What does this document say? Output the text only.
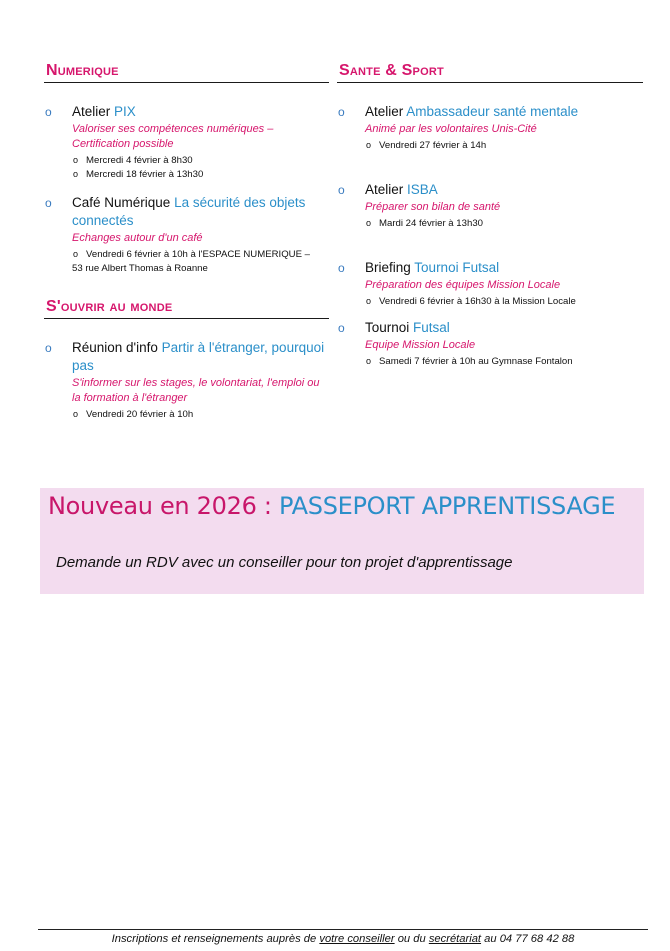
Numerique
o Atelier PIX
Valoriser ses compétences numériques – Certification possible
o Mercredi 4 février à 8h30
o Mercredi 18 février à 13h30
o Café Numérique La sécurité des objets connectés
Echanges autour d'un café
o Vendredi 6 février à 10h à l'ESPACE NUMERIQUE –
53 rue Albert Thomas à Roanne
S'ouvrir au monde
o Réunion d'info Partir à l'étranger, pourquoi pas
S'informer sur les stages, le volontariat, l'emploi ou la formation à l'étranger
o Vendredi 20 février à 10h
Sante & Sport
o Atelier Ambassadeur santé mentale
Animé par les volontaires Unis-Cité
o Vendredi 27 février à 14h
o Atelier ISBA
Préparer son bilan de santé
o Mardi 24 février à 13h30
o Briefing Tournoi Futsal
Préparation des équipes Mission Locale
o Vendredi 6 février à 16h30 à la Mission Locale
o Tournoi Futsal
Equipe Mission Locale
o Samedi 7 février à 10h au Gymnase Fontalon
Nouveau en 2026 : PASSEPORT APPRENTISSAGE
Demande un RDV avec un conseiller pour ton projet d'apprentissage
Inscriptions et renseignements auprès de votre conseiller ou du secrétariat au 04 77 68 42 88
